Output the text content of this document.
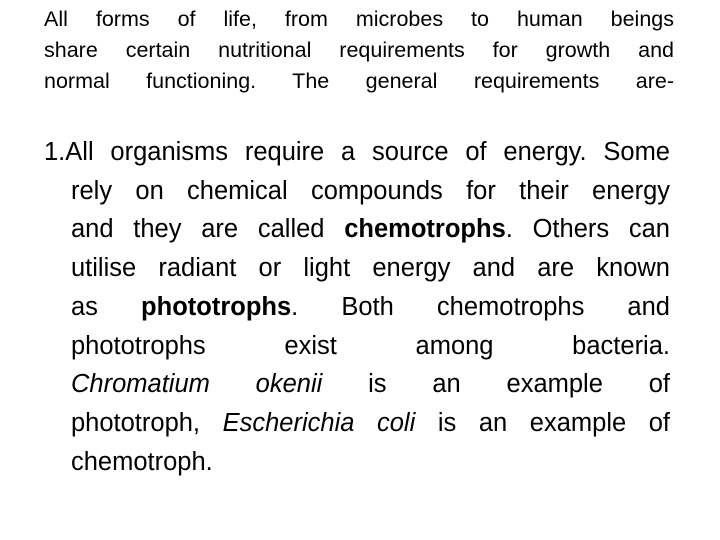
All forms of life, from microbes to human beings share certain nutritional requirements for growth and normal functioning. The general requirements are-
1.All organisms require a source of energy. Some
rely on chemical compounds for their energy
and they are called chemotrophs. Others can
utilise radiant or light energy and are known
as phototrophs. Both chemotrophs and
phototrophs exist among bacteria.
Chromatium okenii is an example of
phototroph, Escherichia coli is an example of
chemotroph.
